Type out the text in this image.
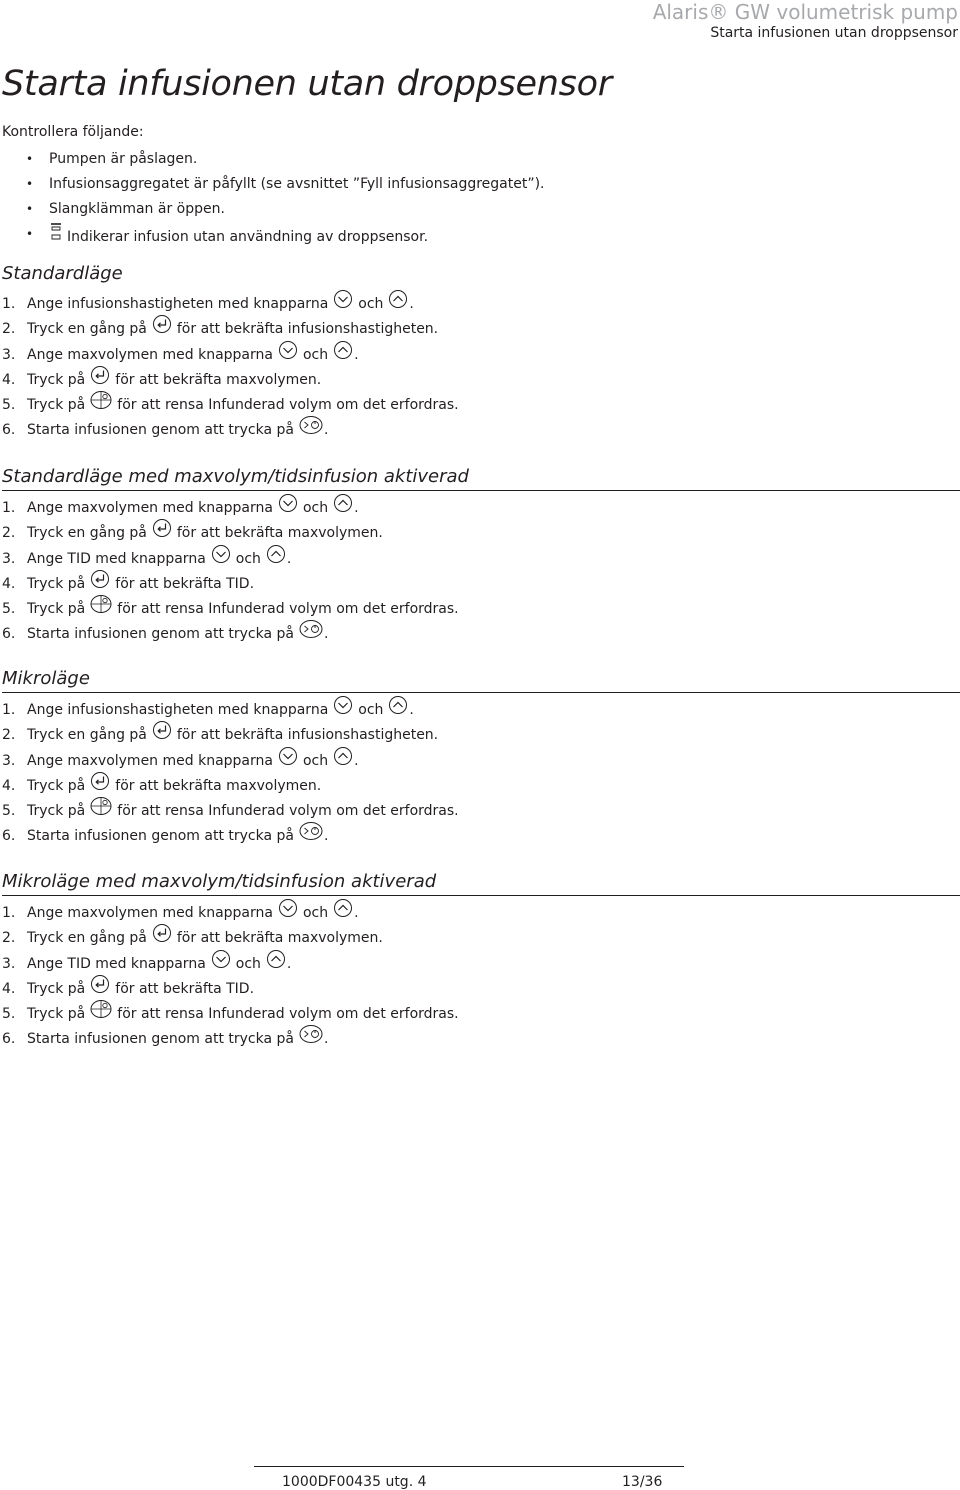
Alaris® GW volumetrisk pump
Starta infusionen utan droppsensor
Starta infusionen utan droppsensor
Kontrollera följande:
• Pumpen är påslagen.
• Infusionsaggregatet är påfyllt (se avsnittet ”Fyll infusionsaggregatet”).
• Slangklämman är öppen.
• Indikerar infusion utan användning av droppsensor.
Standardläge
1. Ange infusionshastigheten med knapparna och .
2. Tryck en gång på för att bekräfta infusionshastigheten.
3. Ange maxvolymen med knapparna och .
4. Tryck på för att bekräfta maxvolymen.
5. Tryck på för att rensa Infunderad volym om det erfordras.
6. Starta infusionen genom att trycka på .
Standardläge med maxvolym/tidsinfusion aktiverad
1. Ange maxvolymen med knapparna och .
2. Tryck en gång på för att bekräfta maxvolymen.
3. Ange TID med knapparna och .
4. Tryck på för att bekräfta TID.
5. Tryck på för att rensa Infunderad volym om det erfordras.
6. Starta infusionen genom att trycka på .
Mikroläge
1. Ange infusionshastigheten med knapparna och .
2. Tryck en gång på för att bekräfta infusionshastigheten.
3. Ange maxvolymen med knapparna och .
4. Tryck på för att bekräfta maxvolymen.
5. Tryck på för att rensa Infunderad volym om det erfordras.
6. Starta infusionen genom att trycka på .
Mikroläge med maxvolym/tidsinfusion aktiverad
1. Ange maxvolymen med knapparna och .
2. Tryck en gång på för att bekräfta maxvolymen.
3. Ange TID med knapparna och .
4. Tryck på för att bekräfta TID.
5. Tryck på för att rensa Infunderad volym om det erfordras.
6. Starta infusionen genom att trycka på .
1000DF00435 utg. 4	13/36
